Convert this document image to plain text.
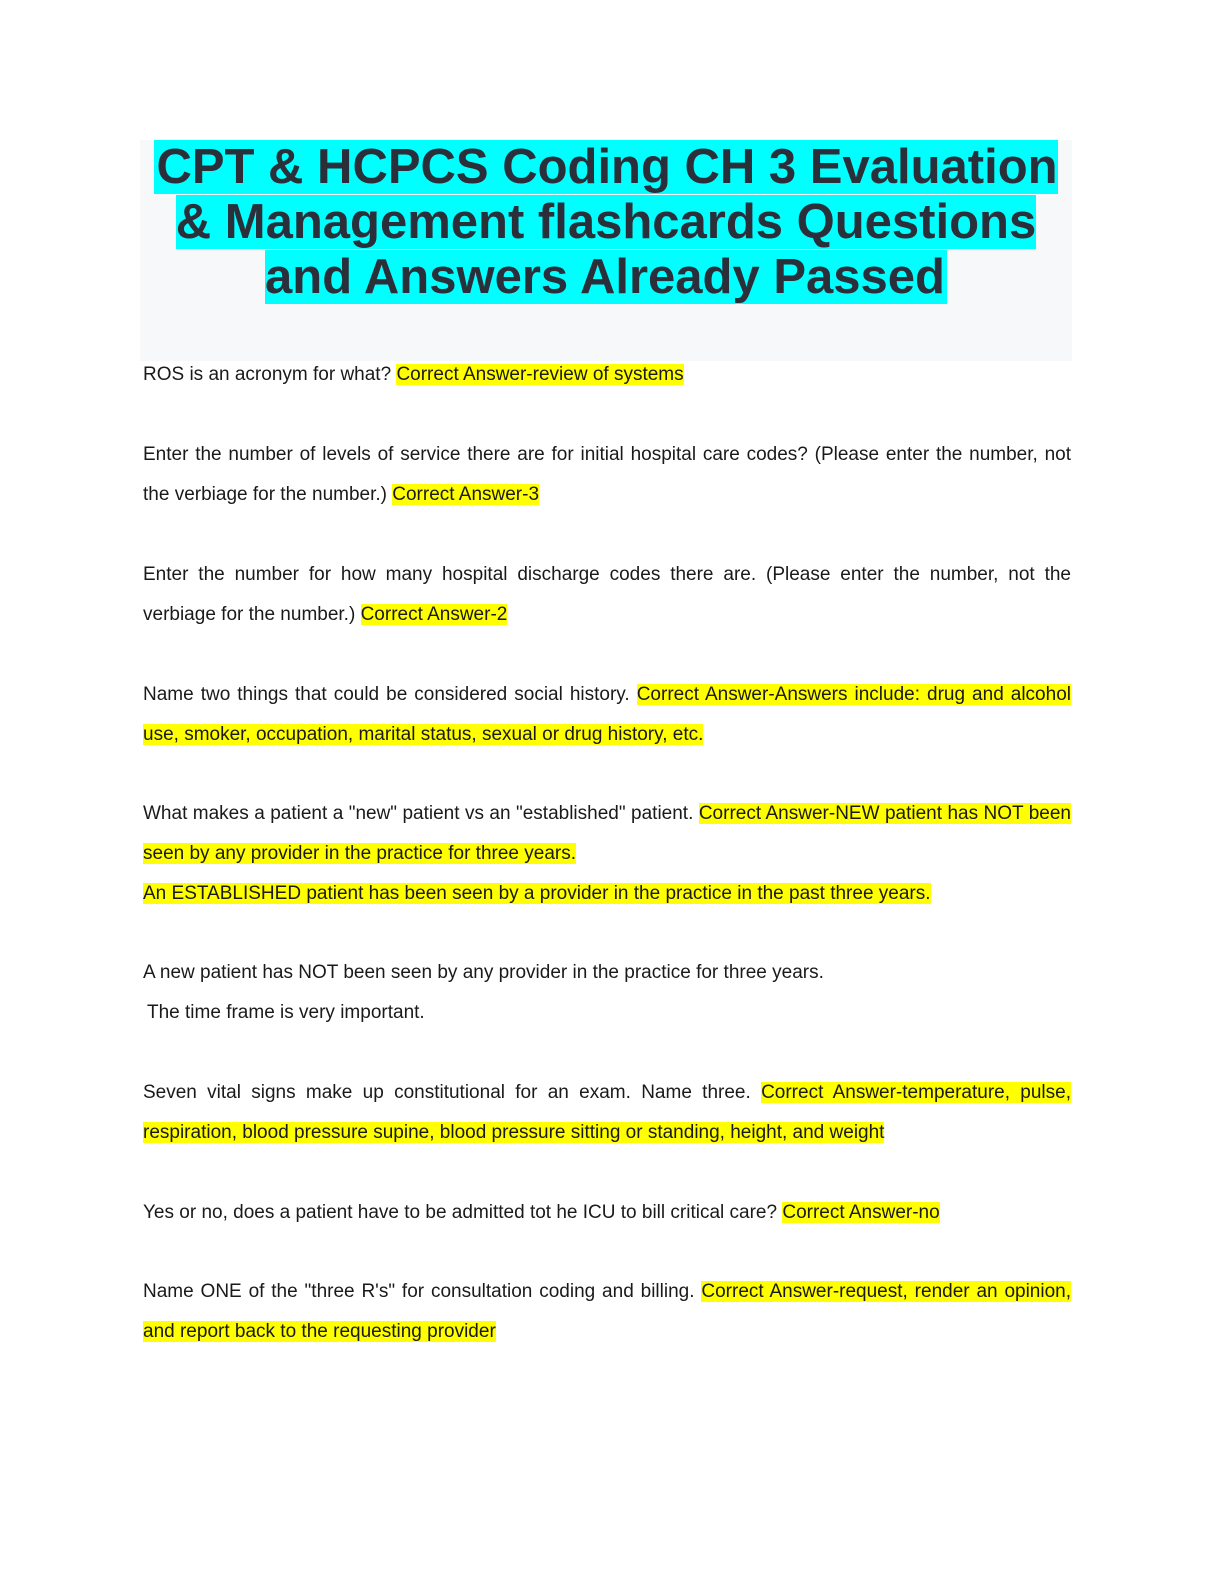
CPT & HCPCS Coding CH 3 Evaluation & Management flashcards Questions and Answers Already Passed

ROS is an acronym for what? Correct Answer-review of systems

Enter the number of levels of service there are for initial hospital care codes? (Please enter the number, not the verbiage for the number.) Correct Answer-3

Enter the number for how many hospital discharge codes there are. (Please enter the number, not the verbiage for the number.) Correct Answer-2

Name two things that could be considered social history. Correct Answer-Answers include: drug and alcohol use, smoker, occupation, marital status, sexual or drug history, etc.

What makes a patient a "new" patient vs an "established" patient. Correct Answer-NEW patient has NOT been seen by any provider in the practice for three years.
An ESTABLISHED patient has been seen by a provider in the practice in the past three years.

A new patient has NOT been seen by any provider in the practice for three years.
The time frame is very important.

Seven vital signs make up constitutional for an exam. Name three. Correct Answer-temperature, pulse, respiration, blood pressure supine, blood pressure sitting or standing, height, and weight

Yes or no, does a patient have to be admitted tot he ICU to bill critical care? Correct Answer-no

Name ONE of the "three R's" for consultation coding and billing. Correct Answer-request, render an opinion, and report back to the requesting provider
